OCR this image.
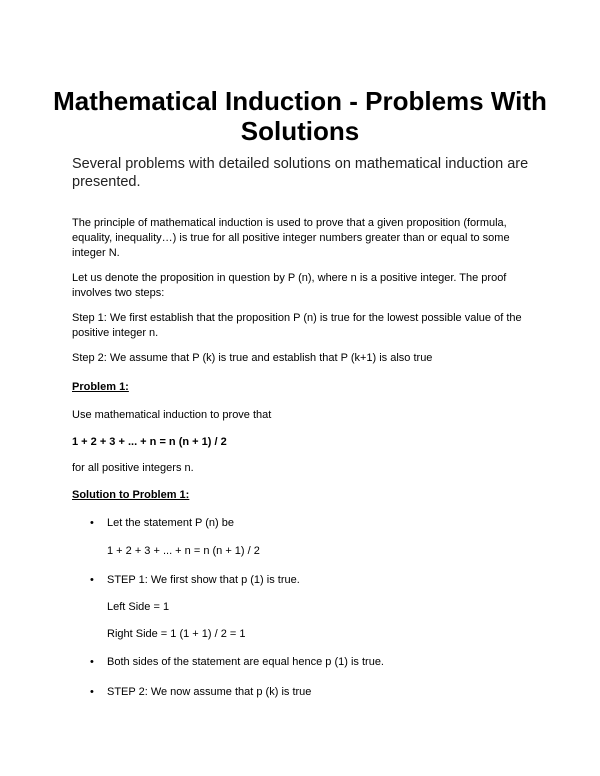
Mathematical Induction - Problems With Solutions

Several problems with detailed solutions on mathematical induction are presented.

The principle of mathematical induction is used to prove that a given proposition (formula, equality, inequality…) is true for all positive integer numbers greater than or equal to some integer N.

Let us denote the proposition in question by P (n), where n is a positive integer. The proof involves two steps:

Step 1: We first establish that the proposition P (n) is true for the lowest possible value of the positive integer n.

Step 2: We assume that P (k) is true and establish that P (k+1) is also true

Problem 1:

Use mathematical induction to prove that

1 + 2 + 3 + ... + n = n (n + 1) / 2

for all positive integers n.

Solution to Problem 1:

• Let the statement P (n) be
1 + 2 + 3 + ... + n = n (n + 1) / 2
• STEP 1: We first show that p (1) is true.
Left Side = 1
Right Side = 1 (1 + 1) / 2 = 1
• Both sides of the statement are equal hence p (1) is true.
• STEP 2: We now assume that p (k) is true
